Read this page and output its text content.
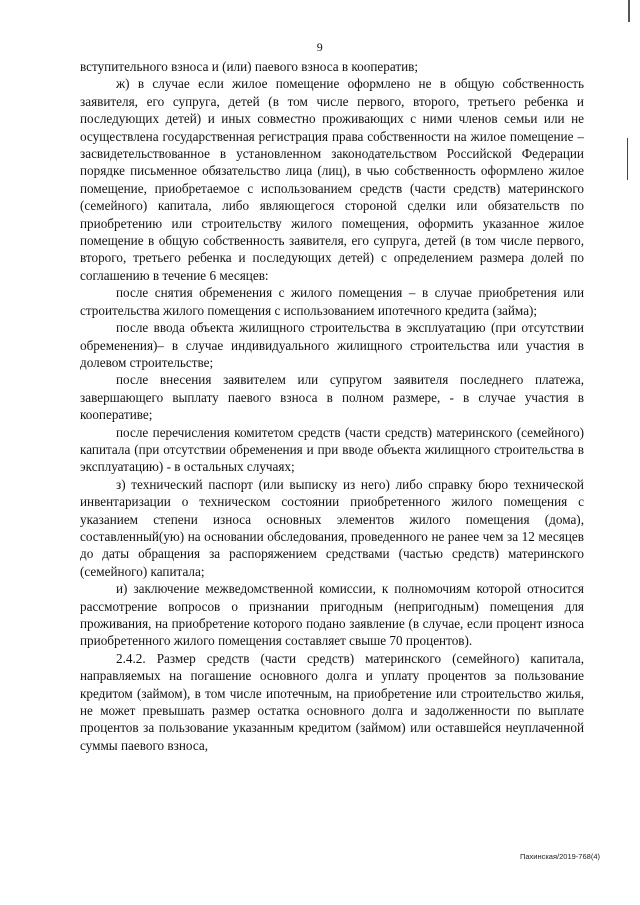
9

вступительного взноса и (или) паевого взноса в кооператив;

ж) в случае если жилое помещение оформлено не в общую собственность заявителя, его супруга, детей (в том числе первого, второго, третьего ребенка и последующих детей) и иных совместно проживающих с ними членов семьи или не осуществлена государственная регистрация права собственности на жилое помещение – засвидетельствованное в установленном законодательством Российской Федерации порядке письменное обязательство лица (лиц), в чью собственность оформлено жилое помещение, приобретаемое с использованием средств (части средств) материнского (семейного) капитала, либо являющегося стороной сделки или обязательств по приобретению или строительству жилого помещения, оформить указанное жилое помещение в общую собственность заявителя, его супруга, детей (в том числе первого, второго, третьего ребенка и последующих детей) с определением размера долей по соглашению в течение 6 месяцев:

после снятия обременения с жилого помещения – в случае приобретения или строительства жилого помещения с использованием ипотечного кредита (займа);

после ввода объекта жилищного строительства в эксплуатацию (при отсутствии обременения)– в случае индивидуального жилищного строительства или участия в долевом строительстве;

после внесения заявителем или супругом заявителя последнего платежа, завершающего выплату паевого взноса в полном размере, - в случае участия в кооперативе;

после перечисления комитетом средств (части средств) материнского (семейного) капитала (при отсутствии обременения и при вводе объекта жилищного строительства в эксплуатацию) - в остальных случаях;

з) технический паспорт (или выписку из него) либо справку бюро технической инвентаризации о техническом состоянии приобретенного жилого помещения с указанием степени износа основных элементов жилого помещения (дома), составленный(ую) на основании обследования, проведенного не ранее чем за 12 месяцев до даты обращения за распоряжением средствами (частью средств) материнского (семейного) капитала;

и) заключение межведомственной комиссии, к полномочиям которой относится рассмотрение вопросов о признании пригодным (непригодным) помещения для проживания, на приобретение которого подано заявление (в случае, если процент износа приобретенного жилого помещения составляет свыше 70 процентов).

2.4.2. Размер средств (части средств) материнского (семейного) капитала, направляемых на погашение основного долга и уплату процентов за пользование кредитом (займом), в том числе ипотечным, на приобретение или строительство жилья, не может превышать размер остатка основного долга и задолженности по выплате процентов за пользование указанным кредитом (займом) или оставшейся неуплаченной суммы паевого взноса,

Пахинская/2019-768(4)
